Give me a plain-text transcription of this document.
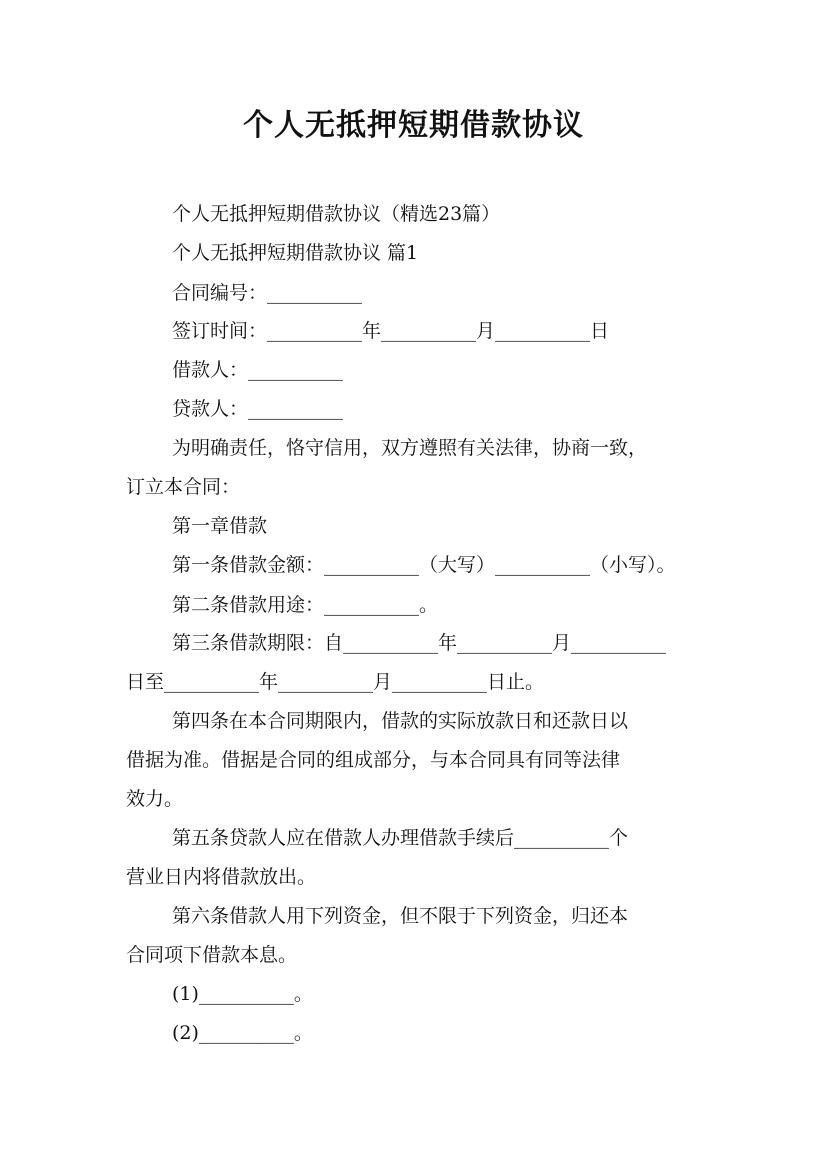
个人无抵押短期借款协议
个人无抵押短期借款协议（精选23篇）
个人无抵押短期借款协议 篇1
合同编号：__________
签订时间：__________年__________月__________日
借款人：__________
贷款人：__________
为明确责任，恪守信用，双方遵照有关法律，协商一致，
订立本合同：
第一章借款
第一条借款金额：__________（大写）__________（小写）。
第二条借款用途：__________。
第三条借款期限：自__________年__________月__________
日至__________年__________月__________日止。
第四条在本合同期限内，借款的实际放款日和还款日以
借据为准。借据是合同的组成部分，与本合同具有同等法律
效力。
第五条贷款人应在借款人办理借款手续后__________个
营业日内将借款放出。
第六条借款人用下列资金，但不限于下列资金，归还本
合同项下借款本息。
(1)__________。
(2)__________。
